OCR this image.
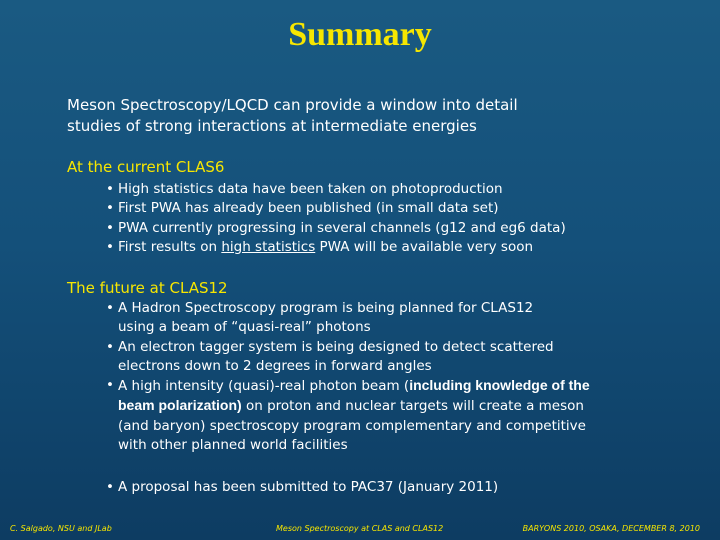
Summary
Meson Spectroscopy/LQCD can provide a window into detail
studies of strong interactions at intermediate energies
At the current CLAS6
• High statistics data have been taken on photoproduction
• First PWA has already been published (in small data set)
• PWA currently progressing in several channels (g12 and eg6 data)
• First results on high statistics PWA will be available very soon
The future at CLAS12
• A Hadron Spectroscopy program is being planned for CLAS12
using a beam of “quasi-real” photons
• An electron tagger system is being designed to detect scattered
electrons down to 2 degrees in forward angles
• A high intensity (quasi)-real photon beam (including knowledge of the
beam polarization) on proton and nuclear targets will create a meson
(and baryon) spectroscopy program complementary and competitive
with other planned world facilities
• A proposal has been submitted to PAC37 (January 2011)
C. Salgado, NSU and JLab	Meson Spectroscopy at CLAS and CLAS12	BARYONS 2010, OSAKA, DECEMBER 8, 2010
